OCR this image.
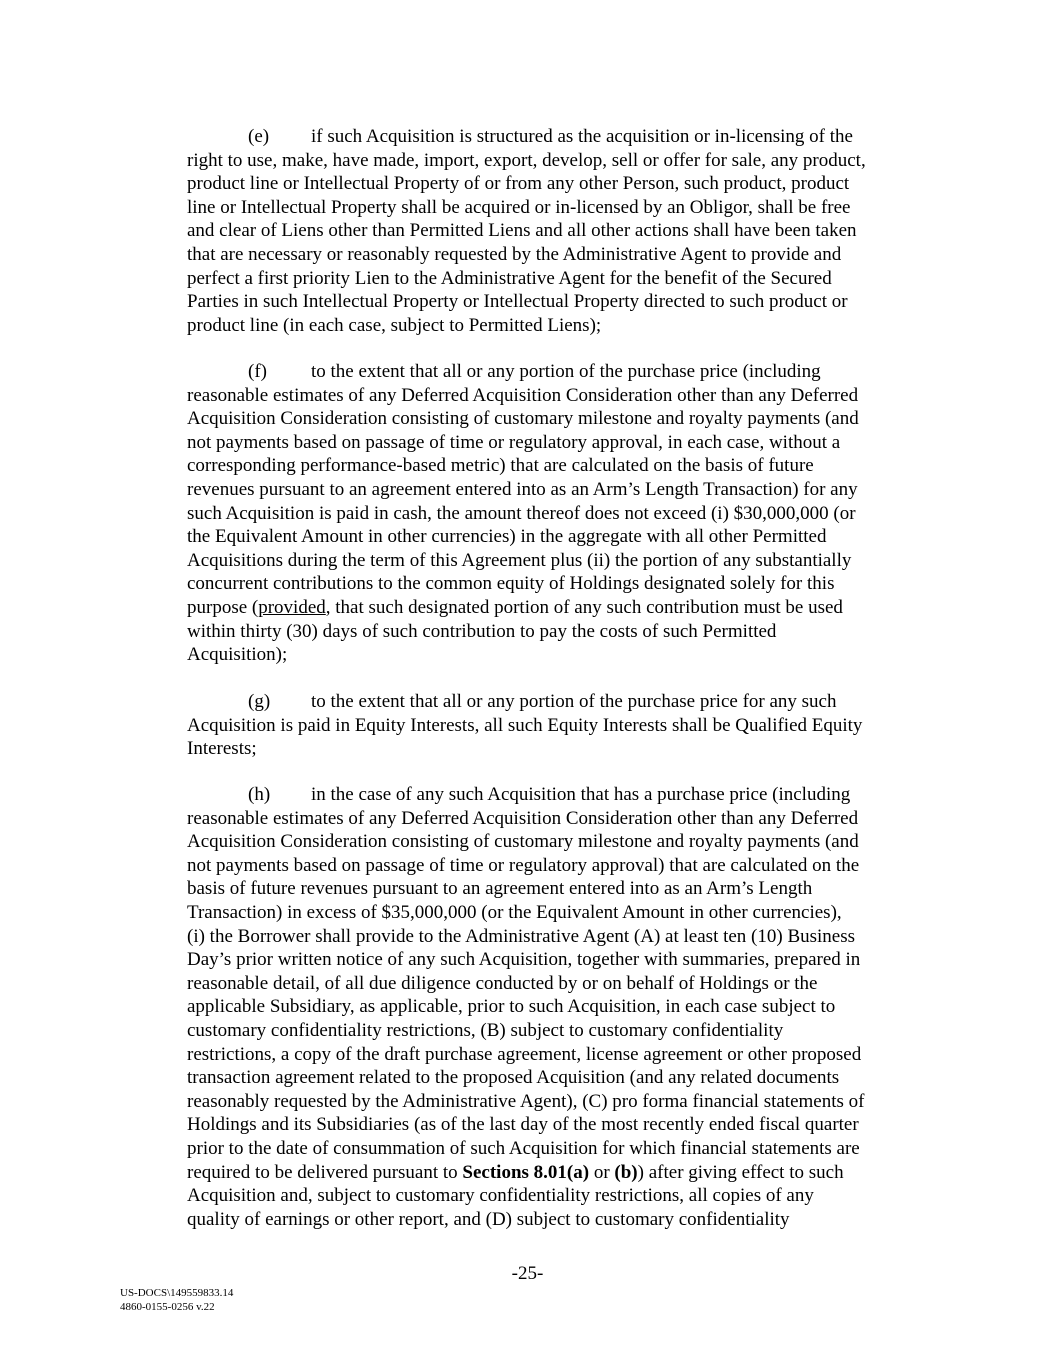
(e) if such Acquisition is structured as the acquisition or in-licensing of the
right to use, make, have made, import, export, develop, sell or offer for sale, any product,
product line or Intellectual Property of or from any other Person, such product, product
line or Intellectual Property shall be acquired or in-licensed by an Obligor, shall be free
and clear of Liens other than Permitted Liens and all other actions shall have been taken
that are necessary or reasonably requested by the Administrative Agent to provide and
perfect a first priority Lien to the Administrative Agent for the benefit of the Secured
Parties in such Intellectual Property or Intellectual Property directed to such product or
product line (in each case, subject to Permitted Liens);
(f) to the extent that all or any portion of the purchase price (including
reasonable estimates of any Deferred Acquisition Consideration other than any Deferred
Acquisition Consideration consisting of customary milestone and royalty payments (and
not payments based on passage of time or regulatory approval, in each case, without a
corresponding performance-based metric) that are calculated on the basis of future
revenues pursuant to an agreement entered into as an Arm’s Length Transaction) for any
such Acquisition is paid in cash, the amount thereof does not exceed (i) $30,000,000 (or
the Equivalent Amount in other currencies) in the aggregate with all other Permitted
Acquisitions during the term of this Agreement plus (ii) the portion of any substantially
concurrent contributions to the common equity of Holdings designated solely for this
purpose (provided, that such designated portion of any such contribution must be used
within thirty (30) days of such contribution to pay the costs of such Permitted
Acquisition);
(g) to the extent that all or any portion of the purchase price for any such
Acquisition is paid in Equity Interests, all such Equity Interests shall be Qualified Equity
Interests;
(h) in the case of any such Acquisition that has a purchase price (including
reasonable estimates of any Deferred Acquisition Consideration other than any Deferred
Acquisition Consideration consisting of customary milestone and royalty payments (and
not payments based on passage of time or regulatory approval) that are calculated on the
basis of future revenues pursuant to an agreement entered into as an Arm’s Length
Transaction) in excess of $35,000,000 (or the Equivalent Amount in other currencies),
(i) the Borrower shall provide to the Administrative Agent (A) at least ten (10) Business
Day’s prior written notice of any such Acquisition, together with summaries, prepared in
reasonable detail, of all due diligence conducted by or on behalf of Holdings or the
applicable Subsidiary, as applicable, prior to such Acquisition, in each case subject to
customary confidentiality restrictions, (B) subject to customary confidentiality
restrictions, a copy of the draft purchase agreement, license agreement or other proposed
transaction agreement related to the proposed Acquisition (and any related documents
reasonably requested by the Administrative Agent), (C) pro forma financial statements of
Holdings and its Subsidiaries (as of the last day of the most recently ended fiscal quarter
prior to the date of consummation of such Acquisition for which financial statements are
required to be delivered pursuant to Sections 8.01(a) or (b)) after giving effect to such
Acquisition and, subject to customary confidentiality restrictions, all copies of any
quality of earnings or other report, and (D) subject to customary confidentiality
-25-
US-DOCS\149559833.14
4860-0155-0256 v.22
